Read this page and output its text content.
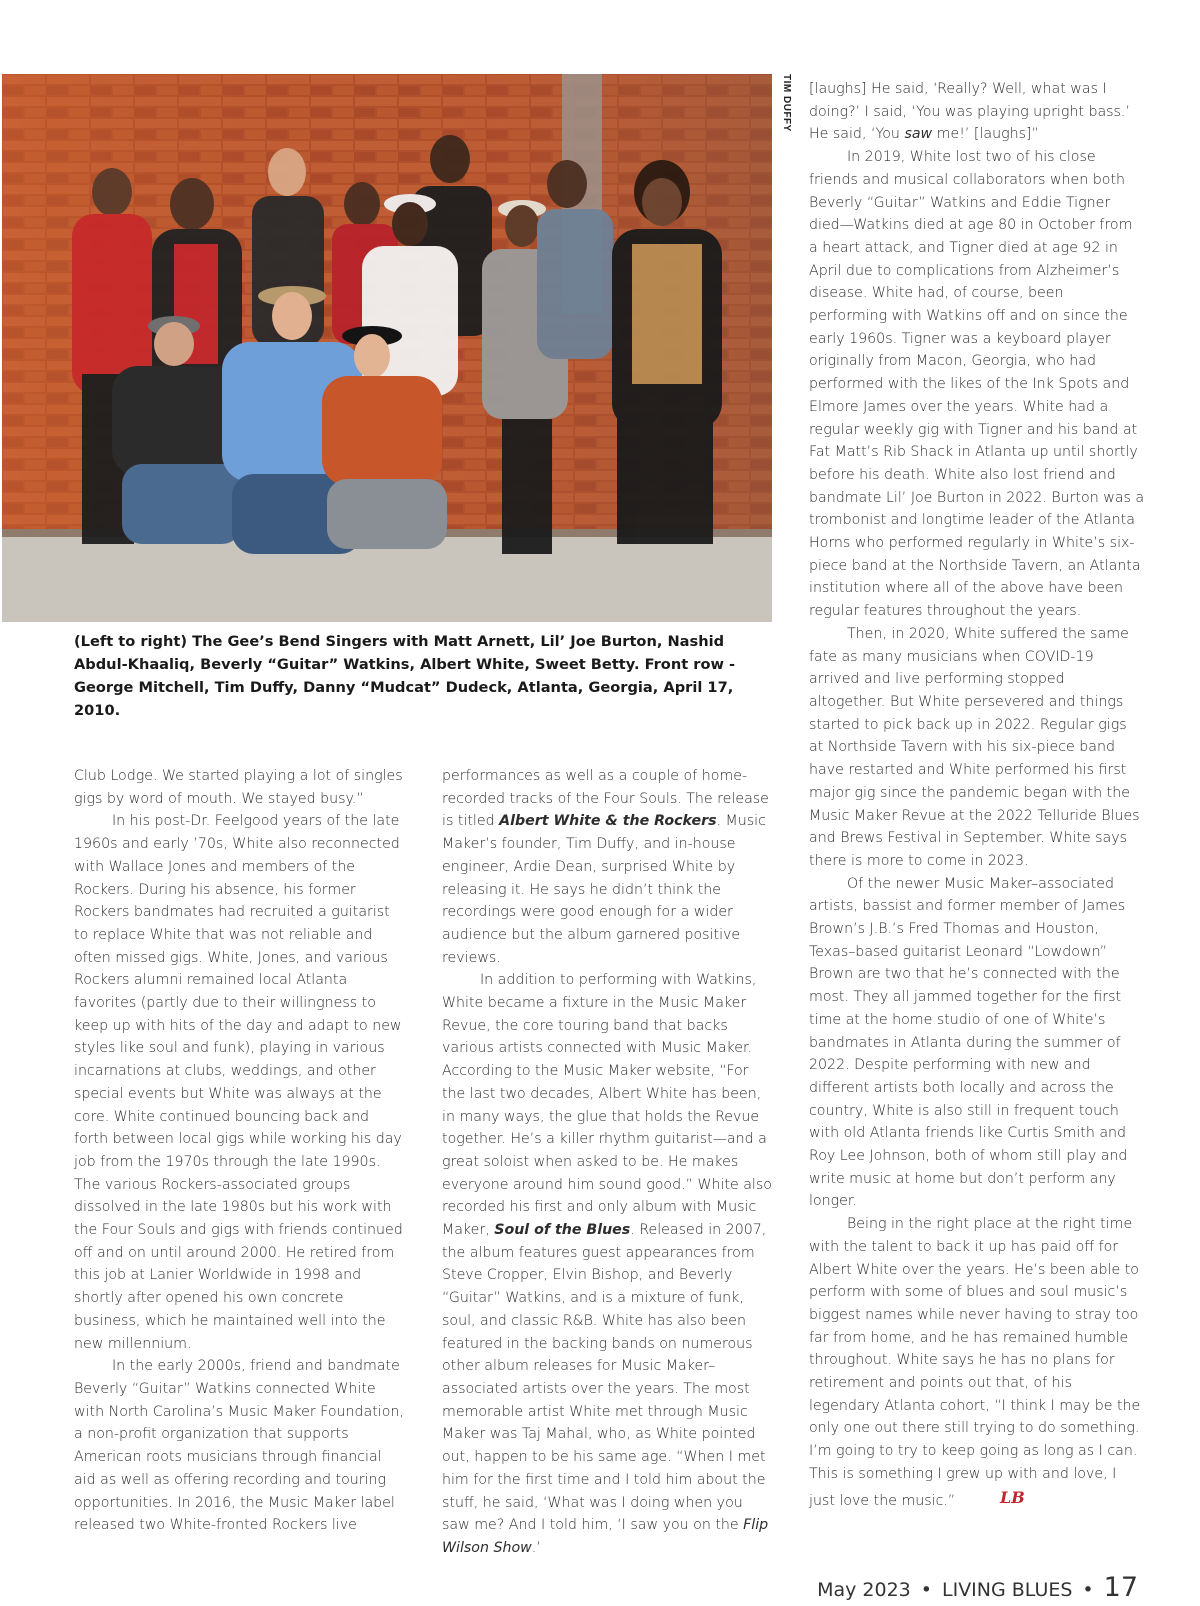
TIM DUFFY
(Left to right) The Gee’s Bend Singers with Matt Arnett, Lil’ Joe Burton, Nashid Abdul-Khaaliq, Beverly “Guitar” Watkins, Albert White, Sweet Betty. Front row - George Mitchell, Tim Duffy, Danny “Mudcat” Dudeck, Atlanta, Georgia, April 17, 2010.

Club Lodge. We started playing a lot of singles gigs by word of mouth. We stayed busy.”

In his post-Dr. Feelgood years of the late 1960s and early ’70s, White also reconnected with Wallace Jones and members of the Rockers. During his absence, his former Rockers bandmates had recruited a guitarist to replace White that was not reliable and often missed gigs. White, Jones, and various Rockers alumni remained local Atlanta favorites (partly due to their willingness to keep up with hits of the day and adapt to new styles like soul and funk), playing in various incarnations at clubs, weddings, and other special events but White was always at the core. White continued bouncing back and forth between local gigs while working his day job from the 1970s through the late 1990s. The various Rockers-associated groups dissolved in the late 1980s but his work with the Four Souls and gigs with friends continued off and on until around 2000. He retired from this job at Lanier Worldwide in 1998 and shortly after opened his own concrete business, which he maintained well into the new millennium.

In the early 2000s, friend and bandmate Beverly “Guitar” Watkins connected White with North Carolina’s Music Maker Foundation, a non-profit organization that supports American roots musicians through financial aid as well as offering recording and touring opportunities. In 2016, the Music Maker label released two White-fronted Rockers live

performances as well as a couple of home-recorded tracks of the Four Souls. The release is titled Albert White & the Rockers. Music Maker’s founder, Tim Duffy, and in-house engineer, Ardie Dean, surprised White by releasing it. He says he didn’t think the recordings were good enough for a wider audience but the album garnered positive reviews.

In addition to performing with Watkins, White became a fixture in the Music Maker Revue, the core touring band that backs various artists connected with Music Maker. According to the Music Maker website, “For the last two decades, Albert White has been, in many ways, the glue that holds the Revue together. He’s a killer rhythm guitarist—and a great soloist when asked to be. He makes everyone around him sound good.” White also recorded his first and only album with Music Maker, Soul of the Blues. Released in 2007, the album features guest appearances from Steve Cropper, Elvin Bishop, and Beverly “Guitar” Watkins, and is a mixture of funk, soul, and classic R&B. White has also been featured in the backing bands on numerous other album releases for Music Maker–associated artists over the years. The most memorable artist White met through Music Maker was Taj Mahal, who, as White pointed out, happen to be his same age. “When I met him for the first time and I told him about the stuff, he said, ‘What was I doing when you saw me? And I told him, ‘I saw you on the Flip Wilson Show.’

[laughs] He said, ‘Really? Well, what was I doing?’ I said, ‘You was playing upright bass.’ He said, ‘You saw me!’ [laughs]”

In 2019, White lost two of his close friends and musical collaborators when both Beverly “Guitar” Watkins and Eddie Tigner died—Watkins died at age 80 in October from a heart attack, and Tigner died at age 92 in April due to complications from Alzheimer’s disease. White had, of course, been performing with Watkins off and on since the early 1960s. Tigner was a keyboard player originally from Macon, Georgia, who had performed with the likes of the Ink Spots and Elmore James over the years. White had a regular weekly gig with Tigner and his band at Fat Matt’s Rib Shack in Atlanta up until shortly before his death. White also lost friend and bandmate Lil’ Joe Burton in 2022. Burton was a trombonist and longtime leader of the Atlanta Horns who performed regularly in White’s six-piece band at the Northside Tavern, an Atlanta institution where all of the above have been regular features throughout the years.

Then, in 2020, White suffered the same fate as many musicians when COVID-19 arrived and live performing stopped altogether. But White persevered and things started to pick back up in 2022. Regular gigs at Northside Tavern with his six-piece band have restarted and White performed his first major gig since the pandemic began with the Music Maker Revue at the 2022 Telluride Blues and Brews Festival in September. White says there is more to come in 2023.

Of the newer Music Maker–associated artists, bassist and former member of James Brown’s J.B.’s Fred Thomas and Houston, Texas–based guitarist Leonard “Lowdown” Brown are two that he’s connected with the most. They all jammed together for the first time at the home studio of one of White’s bandmates in Atlanta during the summer of 2022. Despite performing with new and different artists both locally and across the country, White is also still in frequent touch with old Atlanta friends like Curtis Smith and Roy Lee Johnson, both of whom still play and write music at home but don’t perform any longer.

Being in the right place at the right time with the talent to back it up has paid off for Albert White over the years. He’s been able to perform with some of blues and soul music’s biggest names while never having to stray too far from home, and he has remained humble throughout. White says he has no plans for retirement and points out that, of his legendary Atlanta cohort, “I think I may be the only one out there still trying to do something. I’m going to try to keep going as long as I can. This is something I grew up with and love, I just love the music.”	LB

May 2023 • LIVING BLUES • 17
